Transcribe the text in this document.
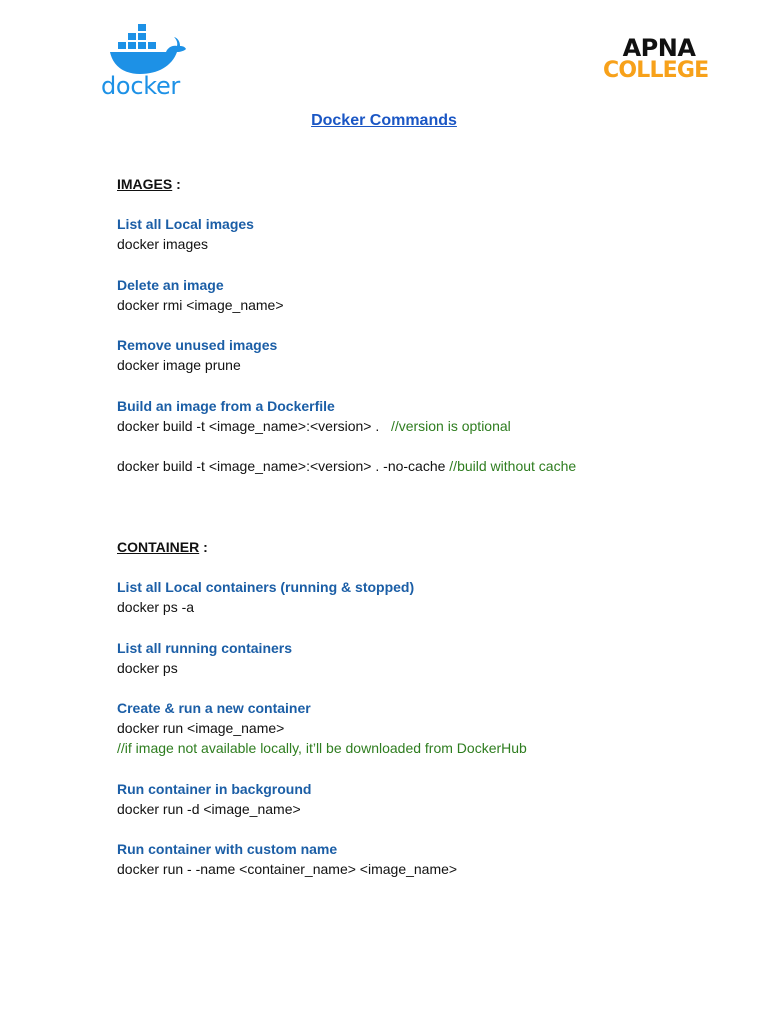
docker
APNA
COLLEGE
Docker Commands
IMAGES :
List all Local images
docker images
Delete an image
docker rmi <image_name>
Remove unused images
docker image prune
Build an image from a Dockerfile
docker build -t <image_name>:<version> .   //version is optional
docker build -t <image_name>:<version> . -no-cache //build without cache
CONTAINER :
List all Local containers (running & stopped)
docker ps -a
List all running containers
docker ps
Create & run a new container
docker run <image_name>
//if image not available locally, it’ll be downloaded from DockerHub
Run container in background
docker run -d <image_name>
Run container with custom name
docker run - -name <container_name> <image_name>
